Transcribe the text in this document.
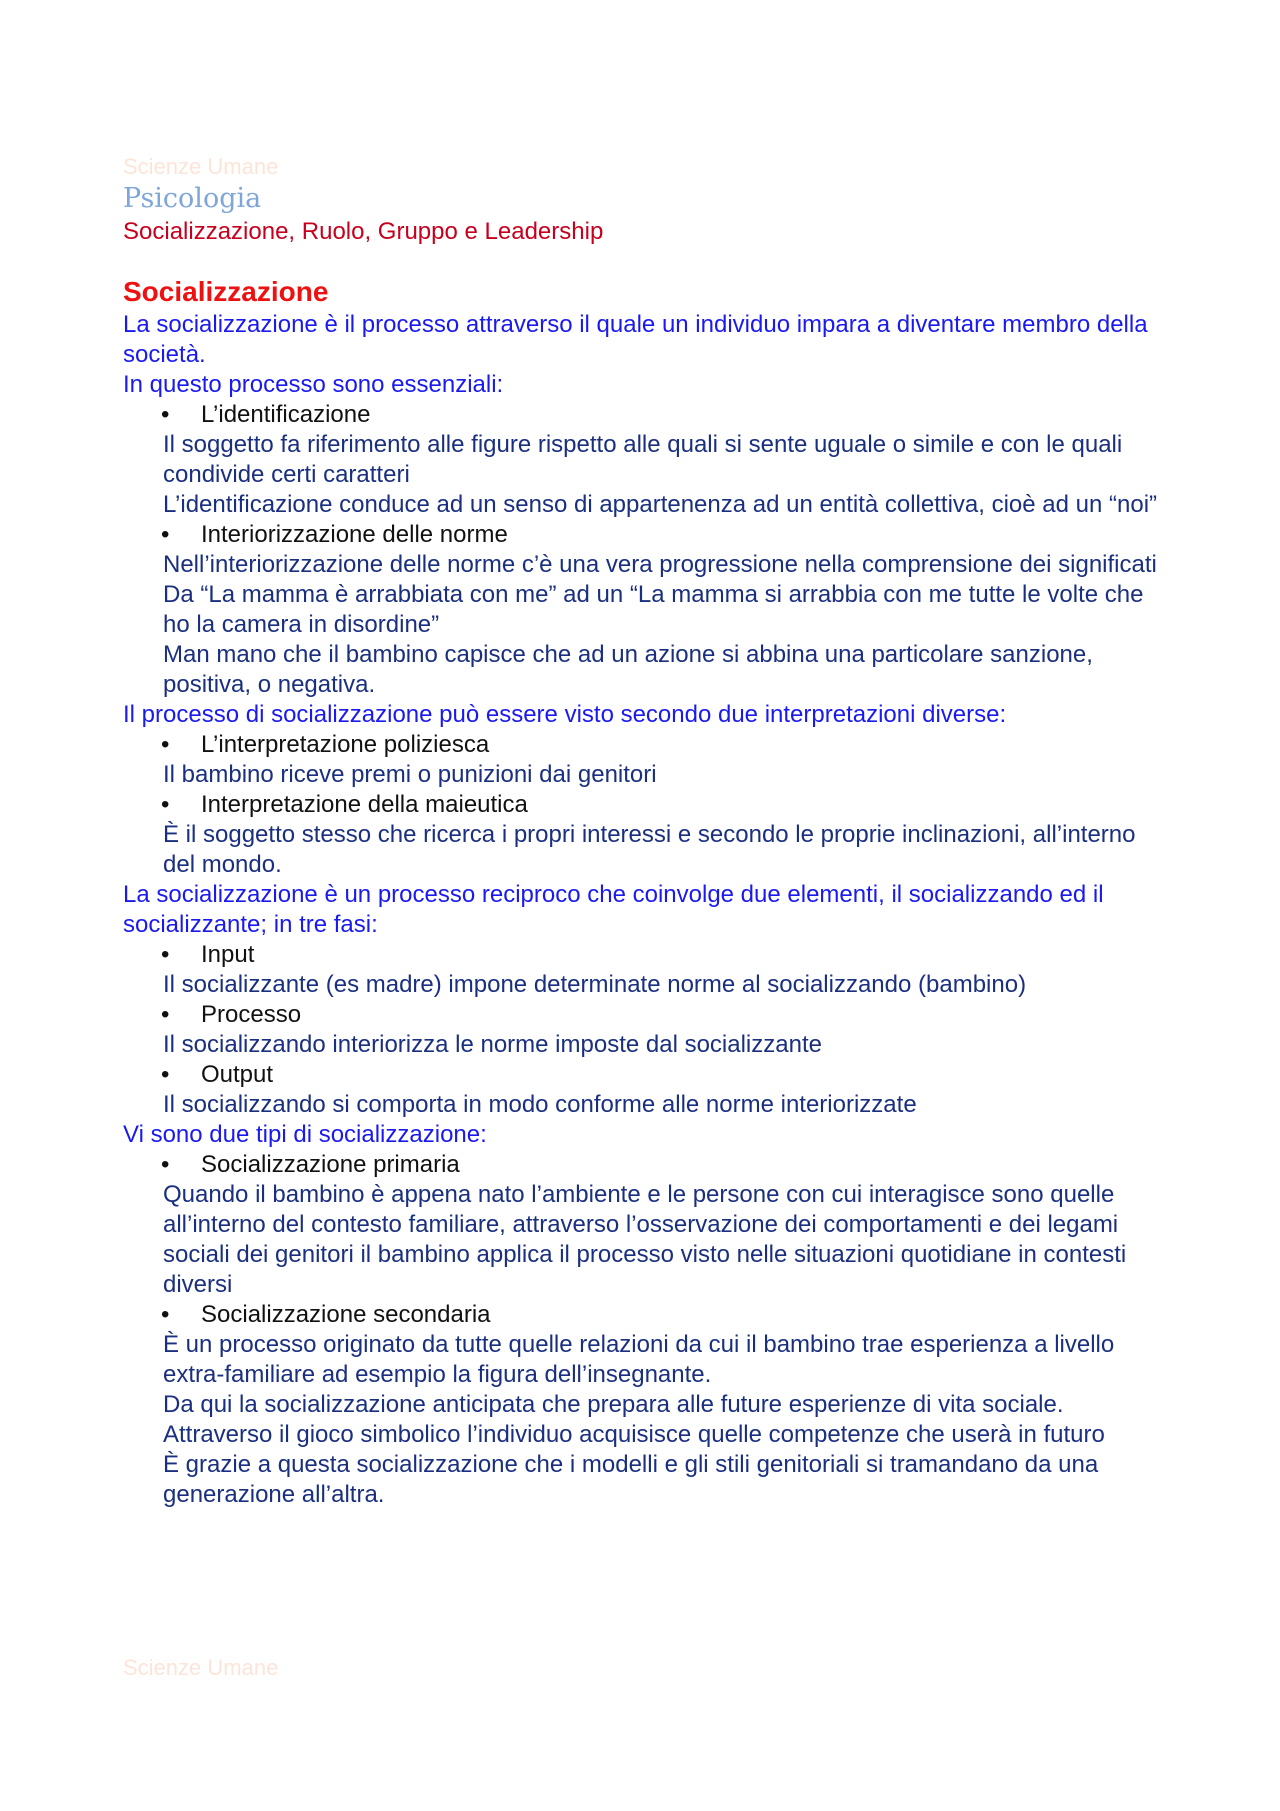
Scienze Umane
Psicologia
Socializzazione, Ruolo, Gruppo e Leadership
Socializzazione
La socializzazione è il processo attraverso il quale un individuo impara a diventare membro della società.
In questo processo sono essenziali:
• L’identificazione
Il soggetto fa riferimento alle figure rispetto alle quali si sente uguale o simile e con le quali condivide certi caratteri
L’identificazione conduce ad un senso di appartenenza ad un entità collettiva, cioè ad un “noi”
• Interiorizzazione delle norme
Nell’interiorizzazione delle norme c’è una vera progressione nella comprensione dei significati
Da “La mamma è arrabbiata con me” ad un “La mamma si arrabbia con me tutte le volte che ho la camera in disordine”
Man mano che il bambino capisce che ad un azione si abbina una particolare sanzione, positiva, o negativa.
Il processo di socializzazione può essere visto secondo due interpretazioni diverse:
• L’interpretazione poliziesca
Il bambino riceve premi o punizioni dai genitori
• Interpretazione della maieutica
È il soggetto stesso che ricerca i propri interessi e secondo le proprie inclinazioni, all’interno del mondo.
La socializzazione è un processo reciproco che coinvolge due elementi, il socializzando ed il socializzante; in tre fasi:
• Input
Il socializzante (es madre) impone determinate norme al socializzando (bambino)
• Processo
Il socializzando interiorizza le norme imposte dal socializzante
• Output
Il socializzando si comporta in modo conforme alle norme interiorizzate
Vi sono due tipi di socializzazione:
• Socializzazione primaria
Quando il bambino è appena nato l’ambiente e le persone con cui interagisce sono quelle all’interno del contesto familiare, attraverso l’osservazione dei comportamenti e dei legami sociali dei genitori il bambino applica il processo visto nelle situazioni quotidiane in contesti diversi
• Socializzazione secondaria
È un processo originato da tutte quelle relazioni da cui il bambino trae esperienza a livello extra-familiare ad esempio la figura dell’insegnante.
Da qui la socializzazione anticipata che prepara alle future esperienze di vita sociale.
Attraverso il gioco simbolico l’individuo acquisisce quelle competenze che userà in futuro
È grazie a questa socializzazione che i modelli e gli stili genitoriali si tramandano da una generazione all’altra.
Scienze Umane
